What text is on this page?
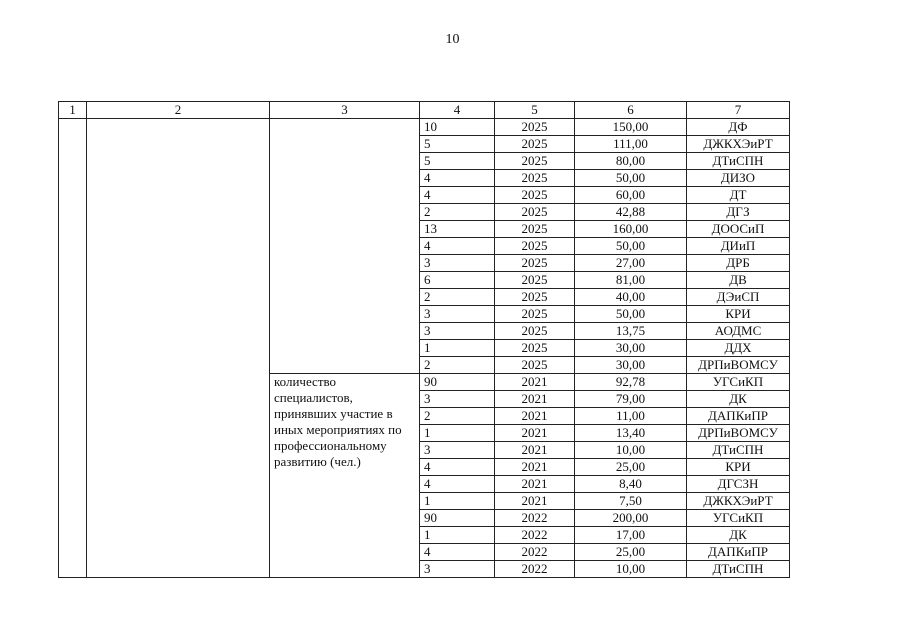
10
1	2	3	4	5	6	7
			10	2025	150,00	ДФ
			5	2025	111,00	ДЖКХЭиРТ
			5	2025	80,00	ДТиСПН
			4	2025	50,00	ДИЗО
			4	2025	60,00	ДТ
			2	2025	42,88	ДГЗ
			13	2025	160,00	ДООСиП
			4	2025	50,00	ДИиП
			3	2025	27,00	ДРБ
			6	2025	81,00	ДВ
			2	2025	40,00	ДЭиСП
			3	2025	50,00	КРИ
			3	2025	13,75	АОДМС
			1	2025	30,00	ДДХ
			2	2025	30,00	ДРПиВОМСУ
		количество специалистов, принявших участие в иных мероприятиях по профессиональному развитию (чел.)	90	2021	92,78	УГСиКП
			3	2021	79,00	ДК
			2	2021	11,00	ДАПКиПР
			1	2021	13,40	ДРПиВОМСУ
			3	2021	10,00	ДТиСПН
			4	2021	25,00	КРИ
			4	2021	8,40	ДГСЗН
			1	2021	7,50	ДЖКХЭиРТ
			90	2022	200,00	УГСиКП
			1	2022	17,00	ДК
			4	2022	25,00	ДАПКиПР
			3	2022	10,00	ДТиСПН
